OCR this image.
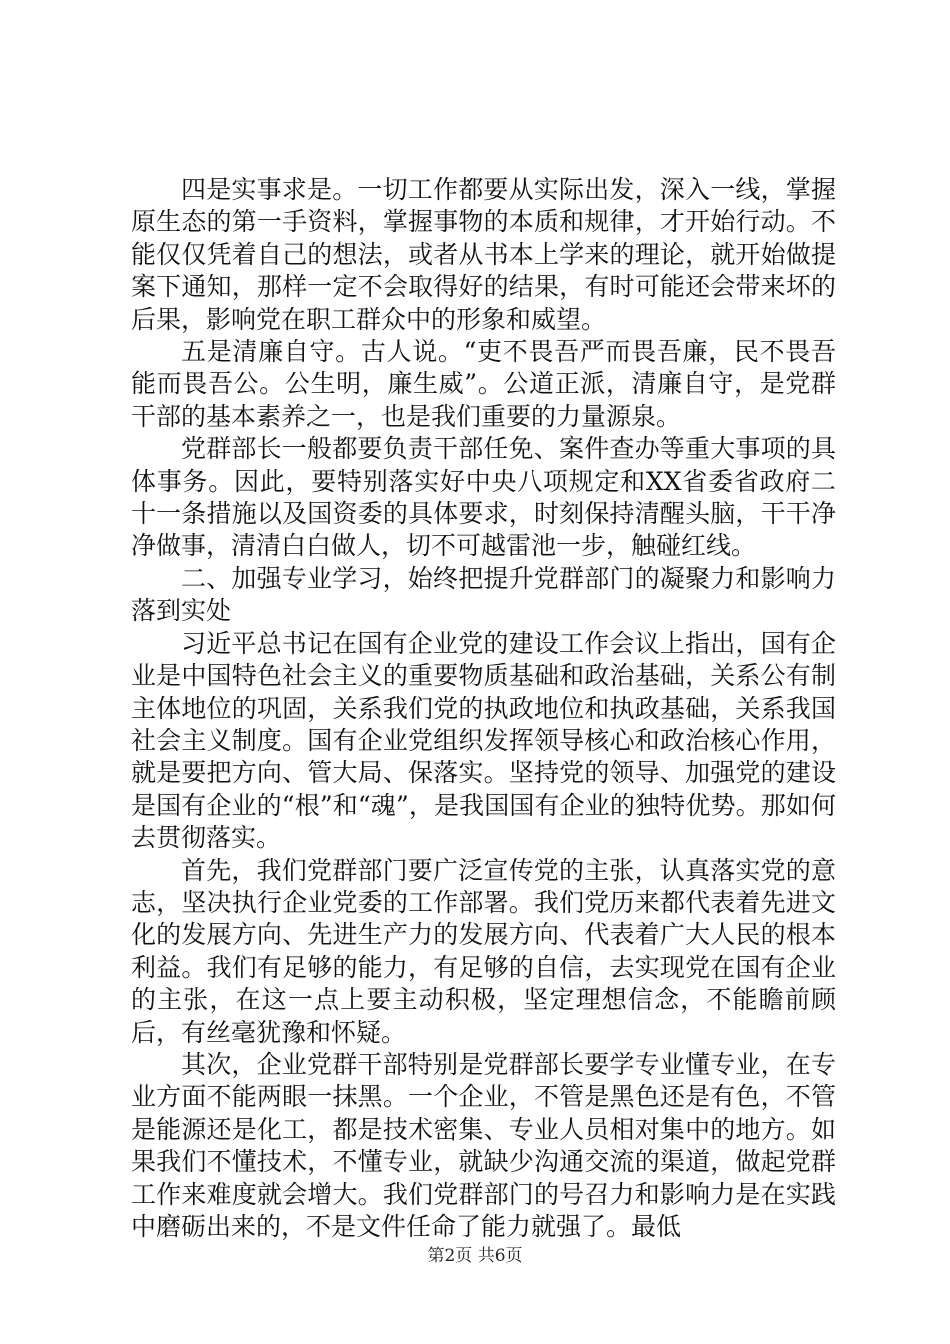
四是实事求是。一切工作都要从实际出发，深入一线，掌握原生态的第一手资料，掌握事物的本质和规律，才开始行动。不能仅仅凭着自己的想法，或者从书本上学来的理论，就开始做提案下通知，那样一定不会取得好的结果，有时可能还会带来坏的后果，影响党在职工群众中的形象和威望。

五是清廉自守。古人说。“吏不畏吾严而畏吾廉，民不畏吾能而畏吾公。公生明，廉生威”。公道正派，清廉自守，是党群干部的基本素养之一，也是我们重要的力量源泉。

党群部长一般都要负责干部任免、案件查办等重大事项的具体事务。因此，要特别落实好中央八项规定和XX省委省政府二十一条措施以及国资委的具体要求，时刻保持清醒头脑，干干净净做事，清清白白做人，切不可越雷池一步，触碰红线。

二、加强专业学习，始终把提升党群部门的凝聚力和影响力落到实处

习近平总书记在国有企业党的建设工作会议上指出，国有企业是中国特色社会主义的重要物质基础和政治基础，关系公有制主体地位的巩固，关系我们党的执政地位和执政基础，关系我国社会主义制度。国有企业党组织发挥领导核心和政治核心作用，就是要把方向、管大局、保落实。坚持党的领导、加强党的建设是国有企业的“根”和“魂”，是我国国有企业的独特优势。那如何去贯彻落实。

首先，我们党群部门要广泛宣传党的主张，认真落实党的意志，坚决执行企业党委的工作部署。我们党历来都代表着先进文化的发展方向、先进生产力的发展方向、代表着广大人民的根本利益。我们有足够的能力，有足够的自信，去实现党在国有企业的主张，在这一点上要主动积极，坚定理想信念，不能瞻前顾后，有丝毫犹豫和怀疑。

其次，企业党群干部特别是党群部长要学专业懂专业，在专业方面不能两眼一抹黑。一个企业，不管是黑色还是有色，不管是能源还是化工，都是技术密集、专业人员相对集中的地方。如果我们不懂技术，不懂专业，就缺少沟通交流的渠道，做起党群工作来难度就会增大。我们党群部门的号召力和影响力是在实践中磨砺出来的，不是文件任命了能力就强了。最低

第2页 共6页
